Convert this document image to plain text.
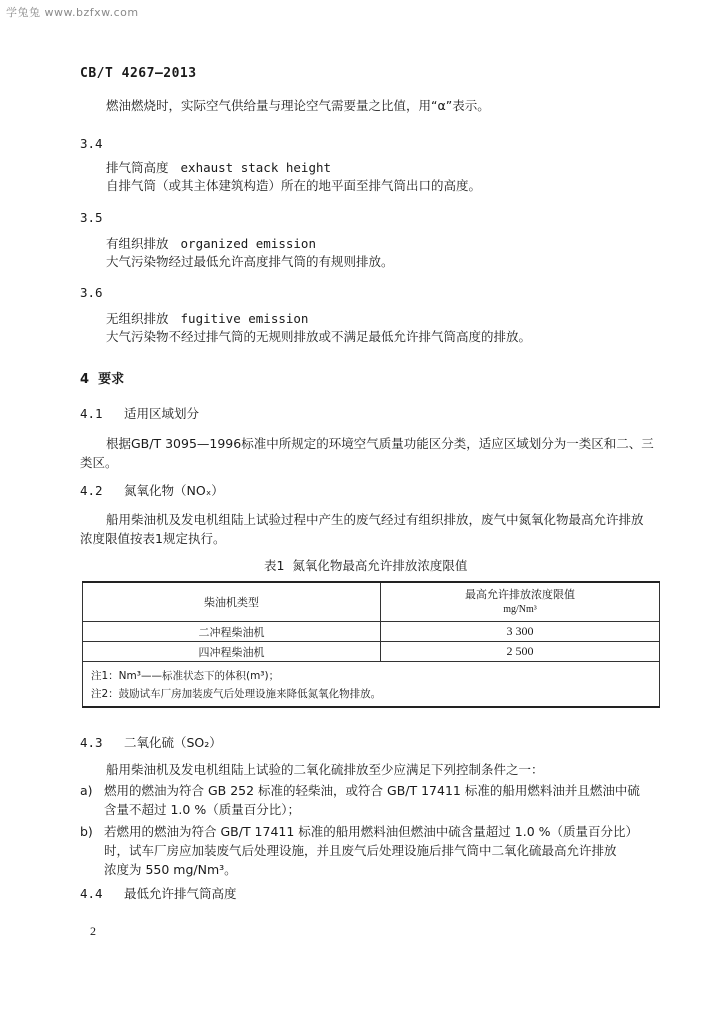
学兔兔 www.bzfxw.com
CB/T 4267—2013
燃油燃烧时，实际空气供给量与理论空气需要量之比值，用“α”表示。
3.4
排气筒高度 exhaust stack height
自排气筒（或其主体建筑构造）所在的地平面至排气筒出口的高度。
3.5
有组织排放 organized emission
大气污染物经过最低允许高度排气筒的有规则排放。
3.6
无组织排放 fugitive emission
大气污染物不经过排气筒的无规则排放或不满足最低允许排气筒高度的排放。
4  要求
4.1 适用区域划分
根据GB/T 3095—1996标准中所规定的环境空气质量功能区分类，适应区域划分为一类区和二、三
类区。
4.2 氮氧化物（NOₓ）
船用柴油机及发电机组陆上试验过程中产生的废气经过有组织排放，废气中氮氧化物最高允许排放
浓度限值按表1规定执行。
表1  氮氧化物最高允许排放浓度限值
柴油机类型	最高允许排放浓度限值
mg/Nm³

二冲程柴油机	3 300
四冲程柴油机	2 500
注1：Nm³——标准状态下的体积(m³)；	
注2：鼓励试车厂房加装废气后处理设施来降低氮氧化物排放。	
4.3 二氧化硫（SO₂）
船用柴油机及发电机组陆上试验的二氧化硫排放至少应满足下列控制条件之一：
a) 燃用的燃油为符合 GB 252 标准的轻柴油，或符合 GB/T 17411 标准的船用燃料油并且燃油中硫
含量不超过 1.0 %（质量百分比）；
b) 若燃用的燃油为符合 GB/T 17411 标准的船用燃料油但燃油中硫含量超过 1.0 %（质量百分比）
时，试车厂房应加装废气后处理设施，并且废气后处理设施后排气筒中二氧化硫最高允许排放
浓度为 550 mg/Nm³。
4.4 最低允许排气筒高度
2
